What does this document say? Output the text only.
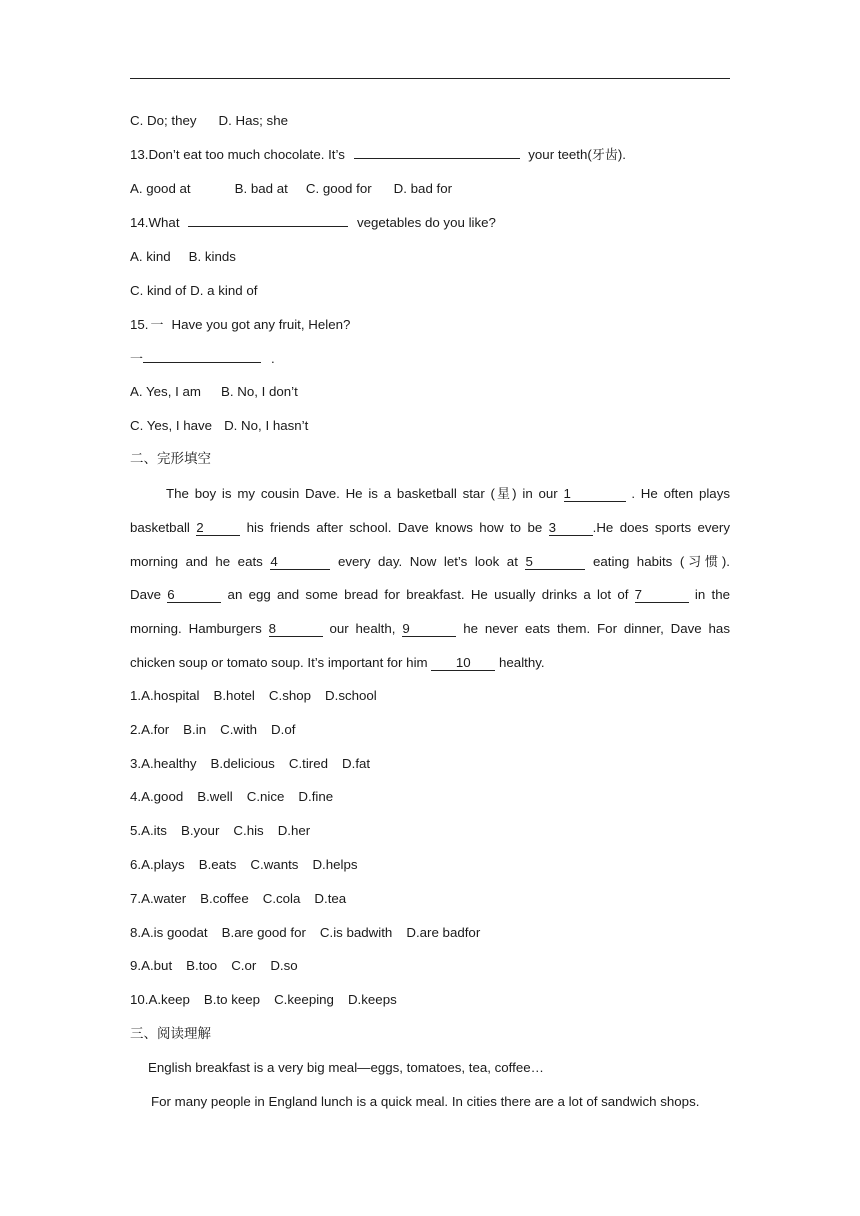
C. Do; they D. Has; she
13.Don’t eat too much chocolate. It’s	your teeth(牙齿).
A. good at	B. bad at C. good for D. bad for
14.What	vegetables do you like?
A. kind B. kinds
C. kind of D. a kind of
15. 一 Have you got any fruit, Helen?
一	.
A. Yes, I am B. No, I don’t
C. Yes, I have D. No, I hasn’t
二、完形填空
The boy is my cousin Dave. He is a basketball star (星) in our 1	. He often plays
basketball 2	his friends after school. Dave knows how to be 3	.He does sports every
morning and he eats 4	every day. Now let’s look at 5	eating habits (习惯).
Dave 6	an egg and some bread for breakfast. He usually drinks a lot of 7	in the
morning. Hamburgers 8	our health, 9	he never eats them. For dinner, Dave has
chicken soup or tomato soup. It’s important for him 10 healthy.
1.A.hospital B.hotel C.shop D.school
2.A.for B.in C.with D.of
3.A.healthy B.delicious C.tired D.fat
4.A.good B.well C.nice D.fine
5.A.its B.your C.his D.her
6.A.plays B.eats C.wants D.helps
7.A.water B.coffee C.cola D.tea
8.A.is goodat B.are good for C.is badwith D.are badfor
9.A.but B.too C.or D.so
10.A.keep B.to keep C.keeping D.keeps
三、阅读理解
English breakfast is a very big meal—eggs, tomatoes, tea, coffee…
For many people in England lunch is a quick meal. In cities there are a lot of sandwich shops.
